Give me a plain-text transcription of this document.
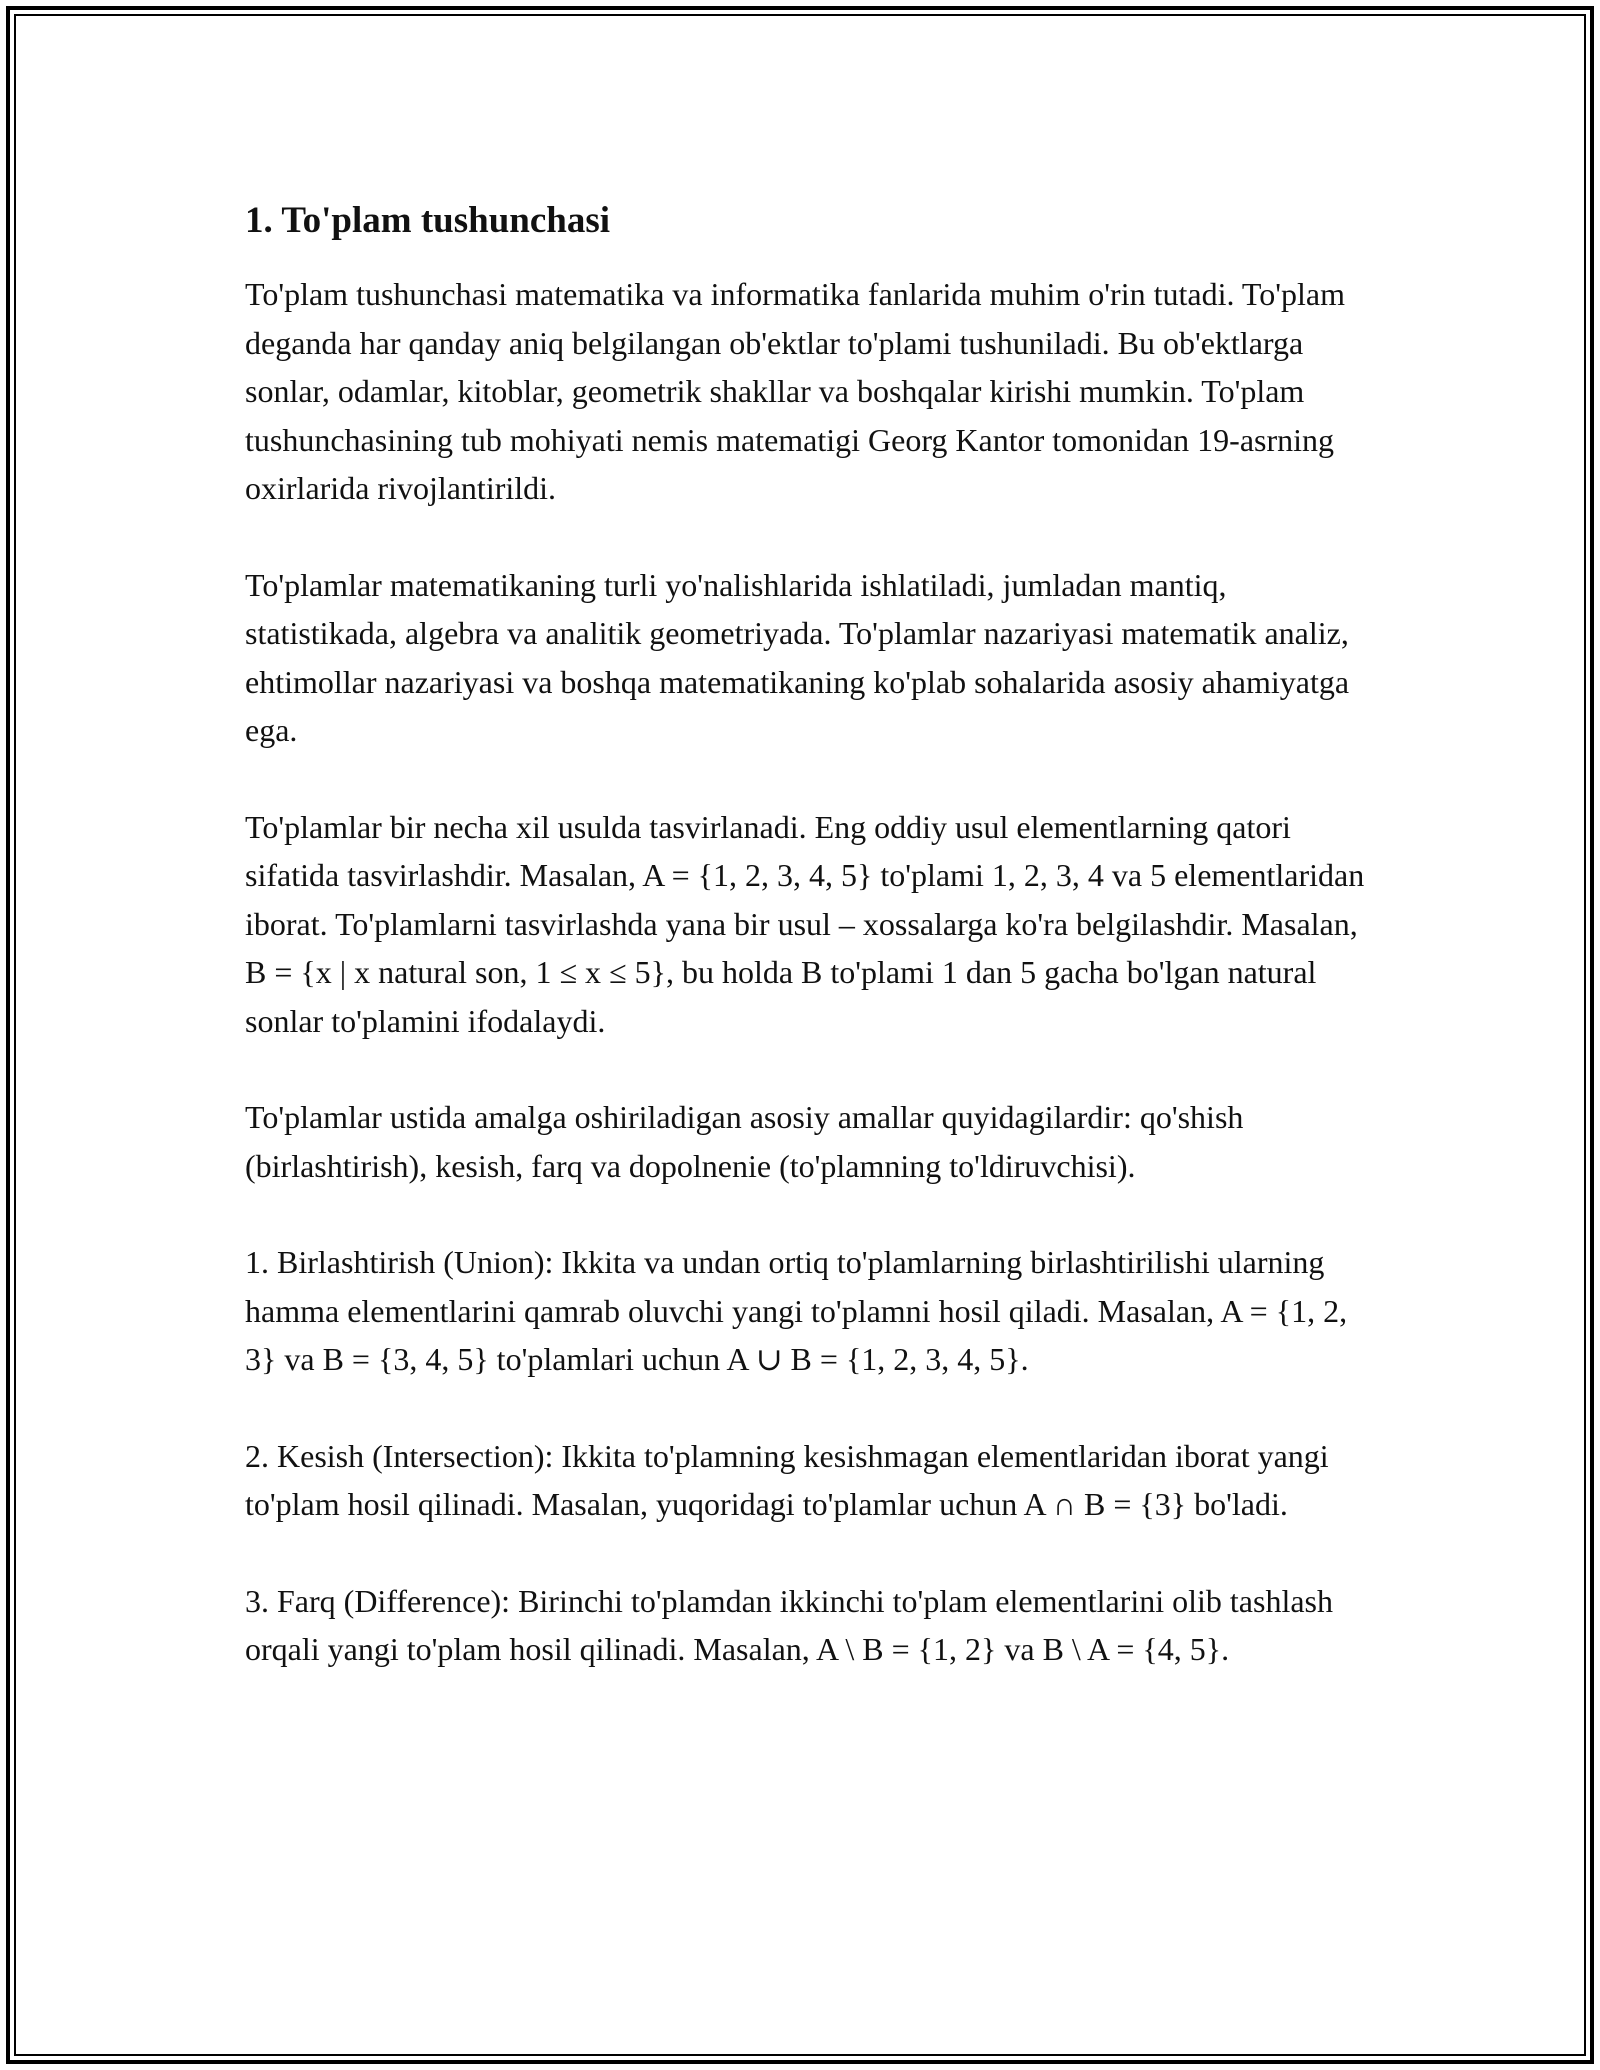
1. To'plam tushunchasi

To'plam tushunchasi matematika va informatika fanlarida muhim o'rin tutadi. To'plam deganda har qanday aniq belgilangan ob'ektlar to'plami tushuniladi. Bu ob'ektlarga sonlar, odamlar, kitoblar, geometrik shakllar va boshqalar kirishi mumkin. To'plam tushunchasining tub mohiyati nemis matematigi Georg Kantor tomonidan 19-asrning oxirlarida rivojlantirildi.

To'plamlar matematikaning turli yo'nalishlarida ishlatiladi, jumladan mantiq, statistikada, algebra va analitik geometriyada. To'plamlar nazariyasi matematik analiz, ehtimollar nazariyasi va boshqa matematikaning ko'plab sohalarida asosiy ahamiyatga ega.

To'plamlar bir necha xil usulda tasvirlanadi. Eng oddiy usul elementlarning qatori sifatida tasvirlashdir. Masalan, A = {1, 2, 3, 4, 5} to'plami 1, 2, 3, 4 va 5 elementlaridan iborat. To'plamlarni tasvirlashda yana bir usul – xossalarga ko'ra belgilashdir. Masalan, B = {x | x natural son, 1 ≤ x ≤ 5}, bu holda B to'plami 1 dan 5 gacha bo'lgan natural sonlar to'plamini ifodalaydi.

To'plamlar ustida amalga oshiriladigan asosiy amallar quyidagilardir: qo'shish (birlashtirish), kesish, farq va dopolnenie (to'plamning to'ldiruvchisi).

1. Birlashtirish (Union): Ikkita va undan ortiq to'plamlarning birlashtirilishi ularning hamma elementlarini qamrab oluvchi yangi to'plamni hosil qiladi. Masalan, A = {1, 2, 3} va B = {3, 4, 5} to'plamlari uchun A ∪ B = {1, 2, 3, 4, 5}.

2. Kesish (Intersection): Ikkita to'plamning kesishmagan elementlaridan iborat yangi to'plam hosil qilinadi. Masalan, yuqoridagi to'plamlar uchun A ∩ B = {3} bo'ladi.

3. Farq (Difference): Birinchi to'plamdan ikkinchi to'plam elementlarini olib tashlash orqali yangi to'plam hosil qilinadi. Masalan, A \ B = {1, 2} va B \ A = {4, 5}.
